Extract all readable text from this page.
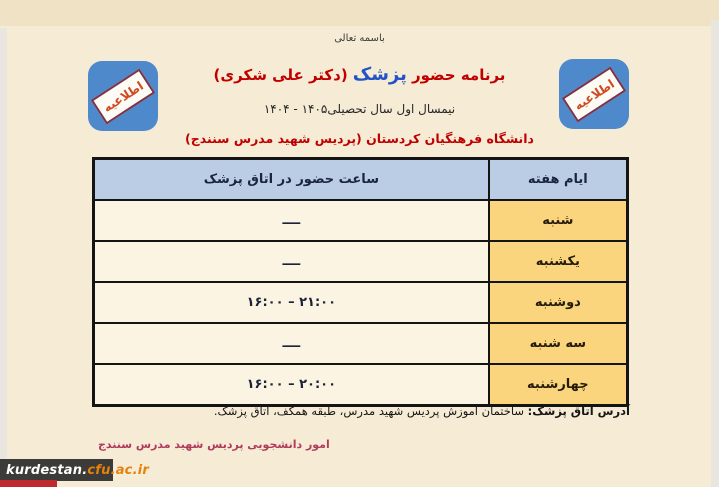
باسمه تعالی
اطلاعیه	اطلاعیه
برنامه حضور پزشک (دکتر علی شکری)
نیمسال اول سال تحصیلی۱۴۰۵ - ۱۴۰۴
دانشگاه فرهنگیان کردستان (پردیس شهید مدرس سنندج)
ایام هفته	ساعت حضور در اتاق پزشک
شنبه	ــــ
یکشنبه	ــــ
دوشنبه	۱۶:۰۰ – ۲۱:۰۰
سه شنبه	ــــ
چهارشنبه	۱۶:۰۰ – ۲۰:۰۰
آدرس اتاق پزشک: ساختمان آموزش پردیس شهید مدرس، طبقه همکف، اتاق پزشک.
امور دانشجویی پردیس شهید مدرس سنندج
kurdestan. cfu.ac.ir
